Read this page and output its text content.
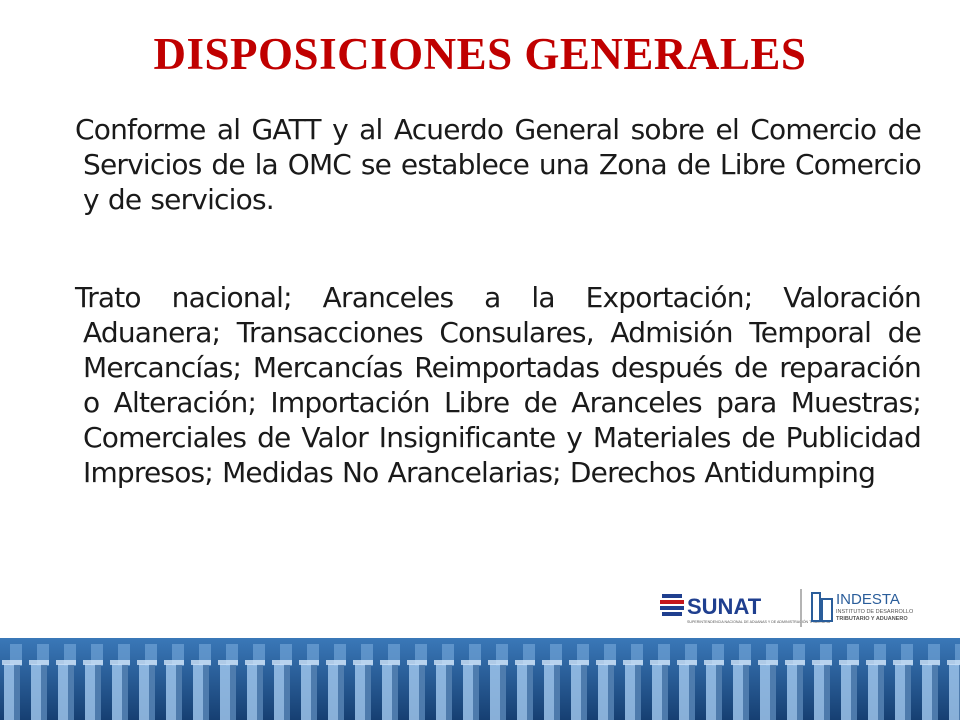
DISPOSICIONES GENERALES
Conforme al GATT y al Acuerdo General sobre el Comercio de Servicios de la OMC se establece una Zona de Libre Comercio y de servicios.
Trato nacional; Aranceles a la Exportación; Valoración Aduanera; Transacciones Consulares, Admisión Temporal de Mercancías; Mercancías Reimportadas después de reparación o Alteración; Importación Libre de Aranceles para Muestras; Comerciales de Valor Insignificante y Materiales de Publicidad Impresos; Medidas No Arancelarias; Derechos Antidumping
SUNAT
SUPERINTENDENCIA NACIONAL DE ADUANAS Y DE ADMINISTRACIÓN TRIBUTARIA
INDESTA
INSTITUTO DE DESARROLLO
TRIBUTARIO Y ADUANERO
